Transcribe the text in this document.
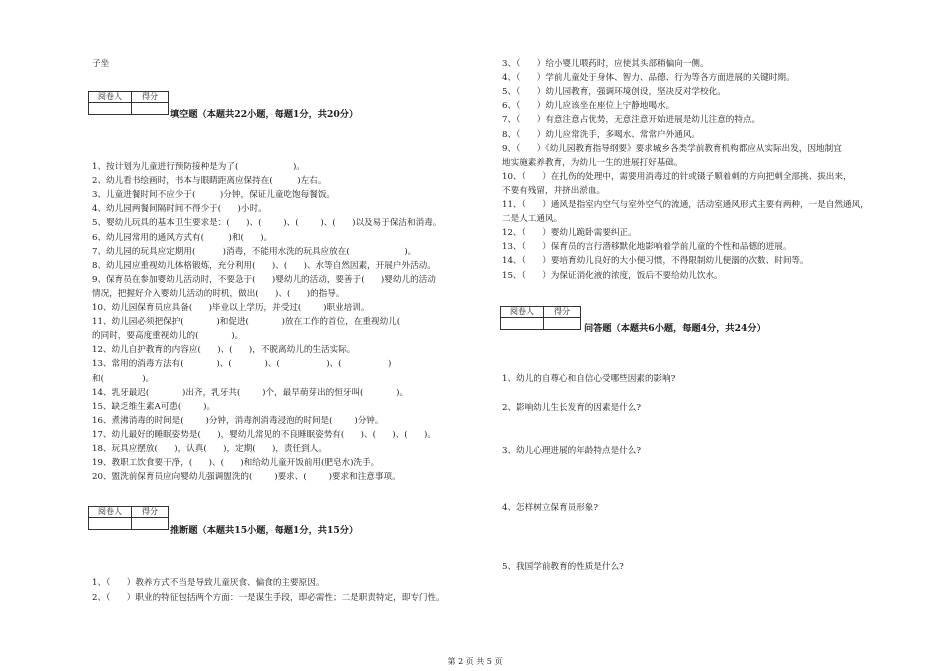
子坐
阅卷人	得分

填空题（本题共22小题，每题1分，共20分）
1、按计划为儿童进行预防接种是为了(                    )。
2、幼儿看书绘画时，书本与眼睛距离应保持在(         )左右。
3、儿童进餐时间不应少于(         )分钟，保证儿童吃饱每餐饭。
4、幼儿园两餐间隔时间不得少于(      )小时。
5、婴幼儿玩具的基本卫生要求是：(      )、(        )、(        )、(      )以及易于保洁和消毒。
6、幼儿园常用的通风方式有(         )和(      )。
7、幼儿园的玩具应定期用(          )消毒，不能用水洗的玩具应放在(                    )。
8、幼儿园应重视幼儿体格锻炼，充分利用(      )、(      )、水等自然因素，开展户外活动。
9、保育员在参加婴幼儿活动时，不要急于(      )婴幼儿的活动，要善于(      )婴幼儿的活动
情况，把握好介入婴幼儿活动的时机，做出(      )、(      )的指导。
10、幼儿园保育员应具备(      )毕业以上学历，并受过(        )职业培训。
11、幼儿园必须把保护(            )和促进(            )放在工作的首位，在重视幼儿(
的同时，要高度重视幼儿的(            )。
12、幼儿自护教育的内容应(      )、(      )，不脱离幼儿的生活实际。
13、常用的消毒方法有(            )、(            )、(                 )、(                 )
和(              )。
14、乳牙最迟(            )出齐，乳牙共(        )个，最早萌芽出的恒牙叫(            )。
15、缺乏维生素A可患(        )。
16、煮沸消毒的时间是(        )分钟，消毒剂消毒浸泡的时间是(        )分钟。
17、幼儿最好的睡眠姿势是(      )，婴幼儿常见的不良睡眠姿势有(      )、(      )、(      )。
18、玩具应摆放(      )，认真(      )，定期(      )，责任到人。
19、教职工饮食要干净，(      )、(      )和给幼儿童开饭前用(肥皂水)洗手。
20、盥洗前保育员应向婴幼儿强调盥洗的(        )要求、(        )要求和注意事项。
阅卷人	得分

推断题（本题共15小题，每题1分，共15分）
1、（      ）教养方式不当是导致儿童厌食、偏食的主要原因。
2、（      ）职业的特征包括两个方面：一是谋生手段，即必需性；二是职责特定，即专门性。
3、（      ）给小婴儿喂药时，应使其头部稍偏向一侧。
4、（      ）学前儿童处于身体、智力、品德、行为等各方面进展的关键时期。
5、（      ）幼儿园教育，强调环境创设，坚决反对学校化。
6、（      ）幼儿应该坐在座位上宁静地喝水。
7、（      ）有意注意占优势，无意注意开始进展是幼儿注意的特点。
8、（      ）幼儿应常洗手，多喝水、常常户外通风。
9、（      ）《幼儿园教育指导纲要》要求城乡各类学前教育机构都应从实际出发，因地制宜
地实施素养教育，为幼儿一生的进展打好基础。
10、（      ）在扎伤的处理中，需要用消毒过的针或镊子顺着刺的方向把刺全部挑、拔出来，
不要有残留，并挤出淤血。
11、（      ）通风是指室内空气与室外空气的流通，活动室通风形式主要有两种，一是自然通风，
二是人工通风。
12、（      ）婴幼儿跪卧需要纠正。
13、（      ）保育员的言行潜移默化地影响着学前儿童的个性和品德的进展。
14、（      ）要培育幼儿良好的大小便习惯，不得限制幼儿便溺的次数、时间等。
15、（      ）为保证消化液的浓度，饭后不要给幼儿饮水。
阅卷人	得分

问答题（本题共6小题，每题4分，共24分）
1、幼儿的自尊心和自信心受哪些因素的影响?
2、影响幼儿生长发育的因素是什么?
3、幼儿心理进展的年龄特点是什么?
4、怎样树立保育员形象?
5、我国学前教育的性质是什么?
第 2 页 共 5 页
